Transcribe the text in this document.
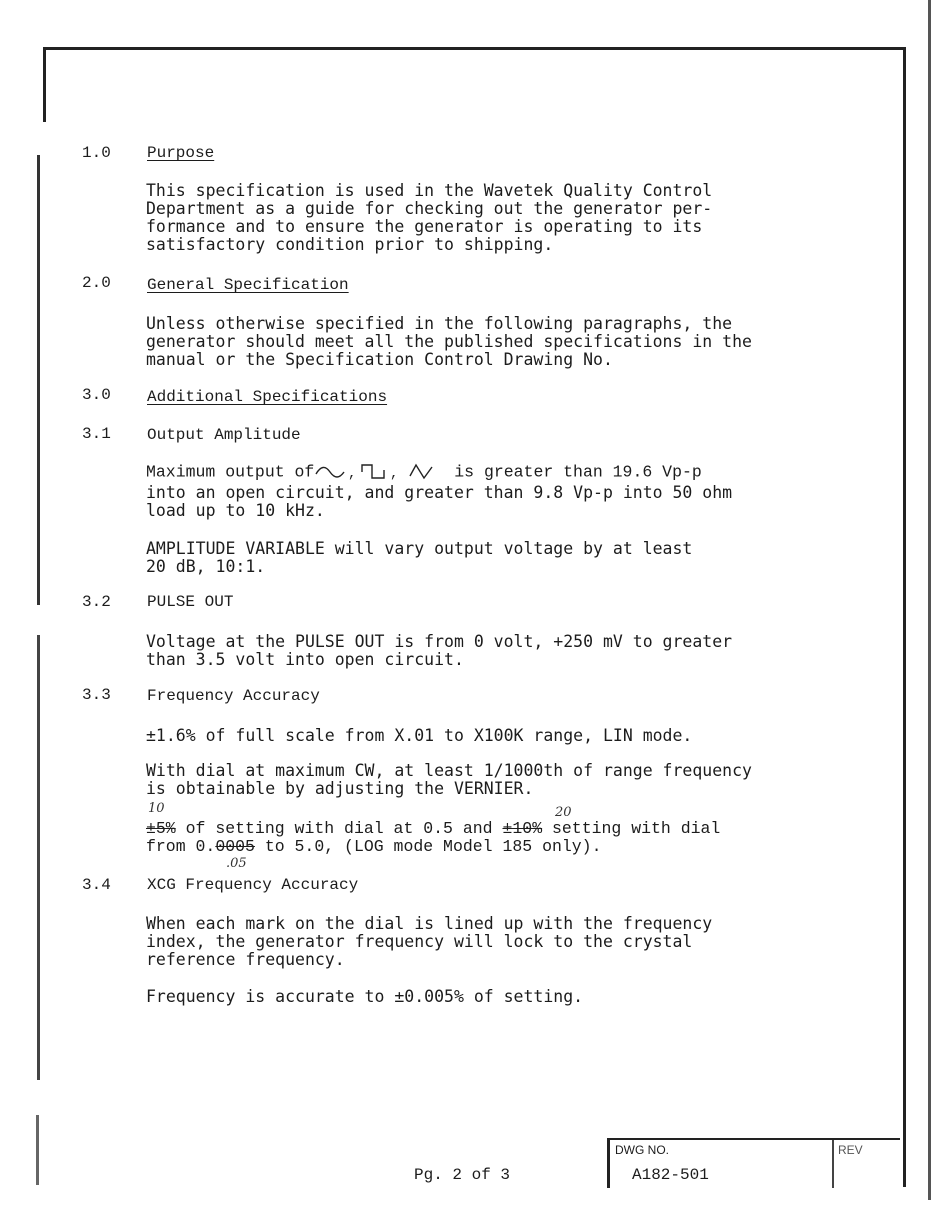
1.0 Purpose
This specification is used in the Wavetek Quality Control
Department as a guide for checking out the generator per-
formance and to ensure the generator is operating to its
satisfactory condition prior to shipping.
2.0 General Specification
Unless otherwise specified in the following paragraphs, the
generator should meet all the published specifications in the
manual or the Specification Control Drawing No.
3.0 Additional Specifications
3.1 Output Amplitude
Maximum output of , ,	is greater than 19.6 Vp-p
into an open circuit, and greater than 9.8 Vp-p into 50 ohm
load up to 10 kHz.
AMPLITUDE VARIABLE will vary output voltage by at least
20 dB, 10:1.
3.2 PULSE OUT
Voltage at the PULSE OUT is from 0 volt, +250 mV to greater
than 3.5 volt into open circuit.
3.3 Frequency Accuracy
±1.6% of full scale from X.01 to X100K range, LIN mode.
With dial at maximum CW, at least 1/1000th of range frequency
is obtainable by adjusting the VERNIER.
10	20
±5% of setting with dial at 0.5 and ±10% setting with dial
from 0.0005 to 5.0, (LOG mode Model 185 only).
.05
3.4 XCG Frequency Accuracy
When each mark on the dial is lined up with the frequency
index, the generator frequency will lock to the crystal
reference frequency.
Frequency is accurate to ±0.005% of setting.
Pg. 2 of 3
DWG NO.
A182-501
REV
